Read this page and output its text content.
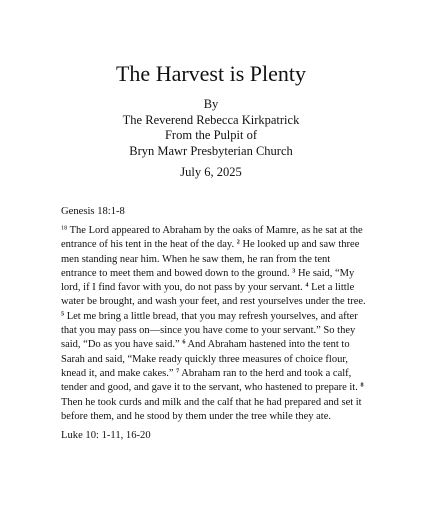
The Harvest is Plenty
By
The Reverend Rebecca Kirkpatrick
From the Pulpit of
Bryn Mawr Presbyterian Church
July 6, 2025
Genesis 18:1-8

$^{18}$ The Lord appeared to Abraham by the oaks of Mamre, as he sat at the entrance of his tent in the heat of the day. $^2$ He looked up and saw three men standing near him. When he saw them, he ran from the tent entrance to meet them and bowed down to the ground. $^3$ He said, “My lord, if I find favor with you, do not pass by your servant. $^4$ Let a little water be brought, and wash your feet, and rest yourselves under the tree. $^5$ Let me bring a little bread, that you may refresh yourselves, and after that you may pass on—since you have come to your servant.” So they said, “Do as you have said.” $^6$ And Abraham hastened into the tent to Sarah and said, “Make ready quickly three measures of choice flour, knead it, and make cakes.” $^7$ Abraham ran to the herd and took a calf, tender and good, and gave it to the servant, who hastened to prepare it. $^8$ Then he took curds and milk and the calf that he had prepared and set it before them, and he stood by them under the tree while they ate.

Luke 10: 1-11, 16-20
